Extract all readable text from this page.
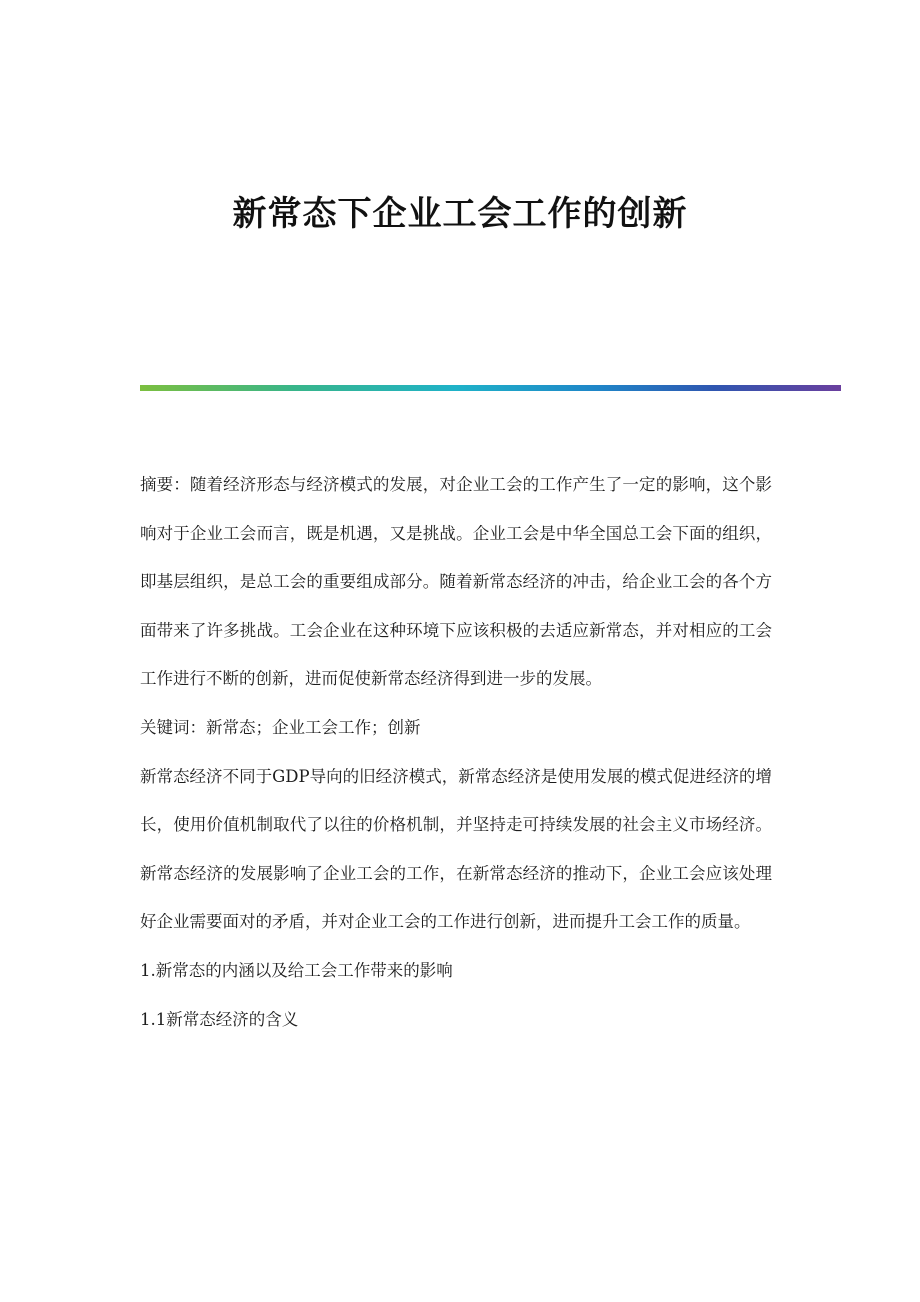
新常态下企业工会工作的创新

摘要：随着经济形态与经济模式的发展，对企业工会的工作产生了一定的影响，这个影响对于企业工会而言，既是机遇，又是挑战。企业工会是中华全国总工会下面的组织，即基层组织，是总工会的重要组成部分。随着新常态经济的冲击，给企业工会的各个方面带来了许多挑战。工会企业在这种环境下应该积极的去适应新常态，并对相应的工会工作进行不断的创新，进而促使新常态经济得到进一步的发展。

关键词：新常态；企业工会工作；创新

新常态经济不同于GDP导向的旧经济模式，新常态经济是使用发展的模式促进经济的增长，使用价值机制取代了以往的价格机制，并坚持走可持续发展的社会主义市场经济。新常态经济的发展影响了企业工会的工作，在新常态经济的推动下，企业工会应该处理好企业需要面对的矛盾，并对企业工会的工作进行创新，进而提升工会工作的质量。

1.新常态的内涵以及给工会工作带来的影响

1.1新常态经济的含义
